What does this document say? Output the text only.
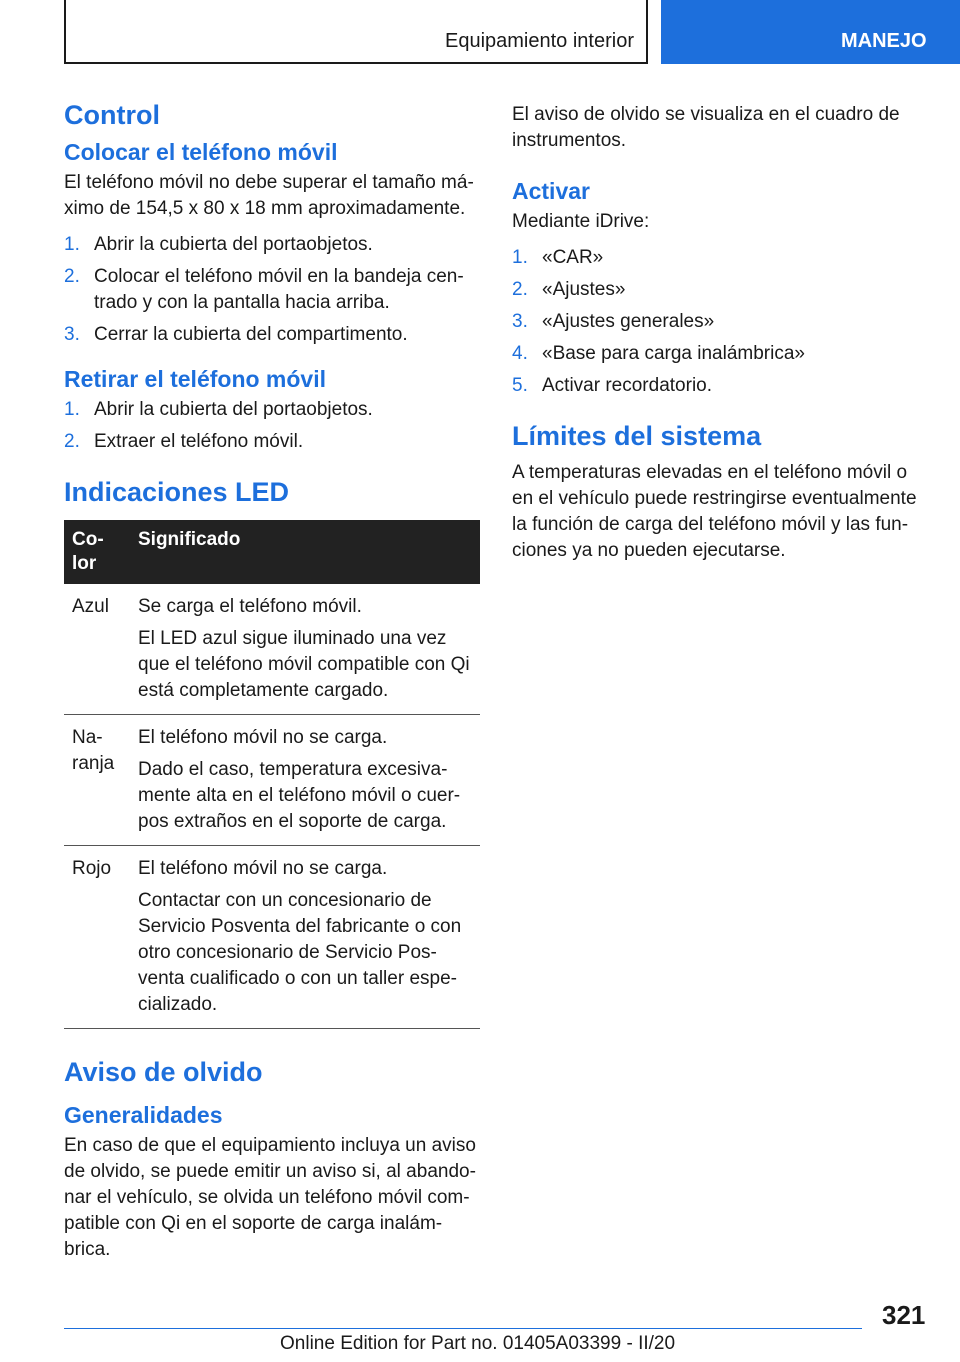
Equipamiento interior	MANEJO
Control
Colocar el teléfono móvil

El teléfono móvil no debe superar el tamaño má-ximo de 154,5 x 80 x 18 mm aproximadamente.

1. Abrir la cubierta del portaobjetos.
2. Colocar el teléfono móvil en la bandeja cen-trado y con la pantalla hacia arriba.
3. Cerrar la cubierta del compartimento.
Retirar el teléfono móvil
1. Abrir la cubierta del portaobjetos.
2. Extraer el teléfono móvil.
Indicaciones LED
Co-lor	Significado
Azul	Se carga el teléfono móvil.

El LED azul sigue iluminado una vez que el teléfono móvil compatible con Qi está completamente cargado.

Na-ranja	El teléfono móvil no se carga.

Dado el caso, temperatura excesiva-mente alta en el teléfono móvil o cuer-pos extraños en el soporte de carga.

Rojo	El teléfono móvil no se carga.

Contactar con un concesionario de Servicio Posventa del fabricante o con otro concesionario de Servicio Pos-venta cualificado o con un taller espe-cializado.

Aviso de olvido
Generalidades

En caso de que el equipamiento incluya un aviso de olvido, se puede emitir un aviso si, al abando-nar el vehículo, se olvida un teléfono móvil com-patible con Qi en el soporte de carga inalám-brica.

El aviso de olvido se visualiza en el cuadro de instrumentos.

Activar

Mediante iDrive:

1. «CAR»
2. «Ajustes»
3. «Ajustes generales»
4. «Base para carga inalámbrica»
5. Activar recordatorio.
Límites del sistema

A temperaturas elevadas en el teléfono móvil o en el vehículo puede restringirse eventualmente la función de carga del teléfono móvil y las fun-ciones ya no pueden ejecutarse.

321
Online Edition for Part no. 01405A03399 - II/20
